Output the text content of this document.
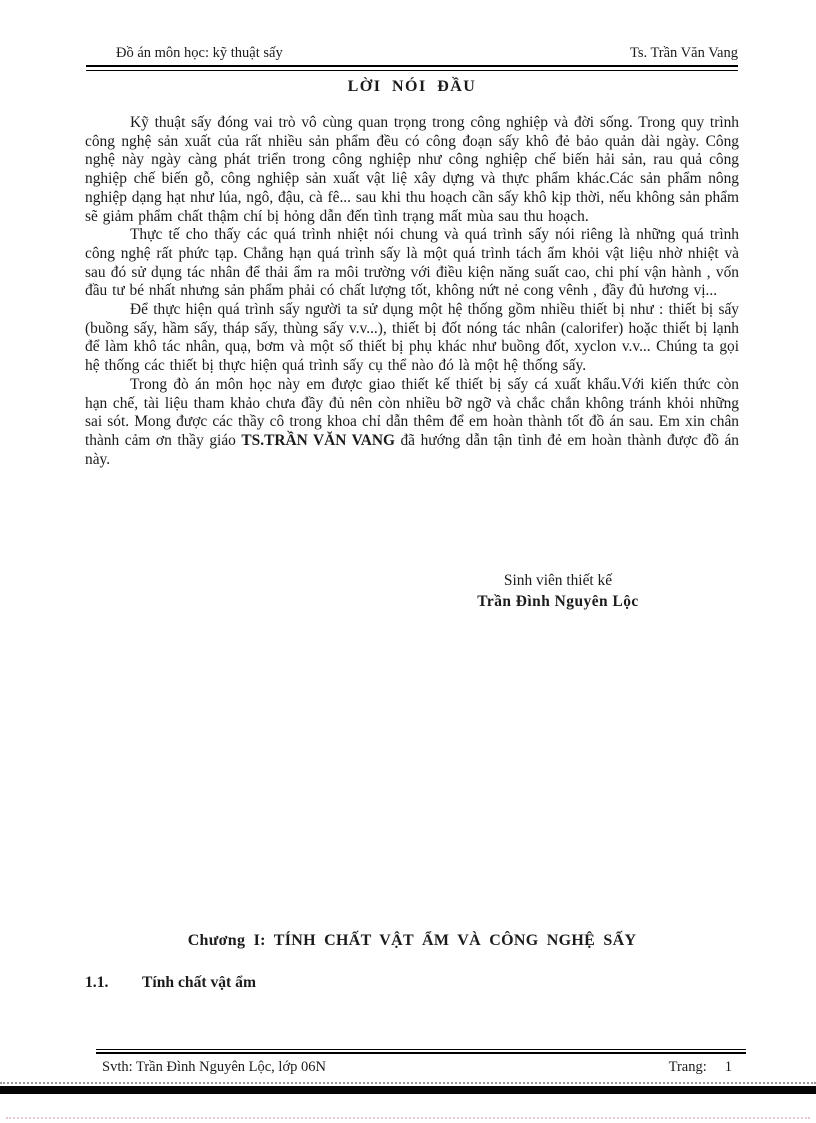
Đồ án môn học: kỹ thuật sấy	Ts. Trần Văn Vang
LỜI NÓI ĐẦU

Kỹ thuật sấy đóng vai trò vô cùng quan trọng trong công nghiệp và đời sống. Trong quy trình công nghệ sản xuất của rất nhiều sản phẩm đều có công đoạn sấy khô đẻ bảo quản dài ngày. Công nghệ này ngày càng phát triển trong công nghiệp như công nghiệp chế biến hải sản, rau quả công nghiệp chế biến gỗ, công nghiệp sản xuất vật liệ xây dựng và thực phẩm khác.Các sản phẩm nông nghiệp dạng hạt như lúa, ngô, đậu, cà fê... sau khi thu hoạch cần sấy khô kịp thời, nếu không sản phẩm sẽ giảm phẩm chất thậm chí bị hỏng dẫn đến tình trạng mất mùa sau thu hoạch.

Thực tế cho thấy các quá trình nhiệt nói chung và quá trình sấy nói riêng là những quá trình công nghệ rất phức tạp. Chẳng hạn quá trình sấy là một quá trình tách ẩm khỏi vật liệu nhờ nhiệt và sau đó sử dụng tác nhân để thải ẩm ra môi trường với điều kiện năng suất cao, chi phí vận hành , vốn đầu tư bé nhất nhưng sản phẩm phải có chất lượng tốt, không nứt nẻ cong vênh , đầy đủ hương vị...

Để thực hiện quá trình sấy người ta sử dụng một hệ thống gồm nhiều thiết bị như : thiết bị sấy (buồng sấy, hầm sấy, tháp sấy, thùng sấy v.v...), thiết bị đốt nóng tác nhân (calorifer) hoặc thiết bị lạnh để làm khô tác nhân, quạ, bơm và một số thiết bị phụ khác như buồng đốt, xyclon v.v... Chúng ta gọi hệ thống các thiết bị thực hiện quá trình sấy cụ thể nào đó là một hệ thống sấy.

Trong đò án môn học này em được giao thiết kế thiết bị sấy cá xuất khẩu.Với kiến thức còn hạn chế, tài liệu tham khảo chưa đầy đủ nên còn nhiều bỡ ngỡ và chắc chắn không tránh khỏi những sai sót. Mong được các thầy cô trong khoa chỉ dẫn thêm để em hoàn thành tốt đồ án sau. Em xin chân thành cảm ơn thầy giáo TS.TRẦN VĂN VANG đã hướng dẫn tận tình đẻ em hoàn thành được đồ án này.

Sinh viên thiết kế
Trần Đình Nguyên Lộc
Chương I: TÍNH CHẤT VẬT ẨM VÀ CÔNG NGHỆ SẤY
1.1. Tính chất vật ẩm
Svth: Trần Đình Nguyên Lộc, lớp 06N	Trang: 1
